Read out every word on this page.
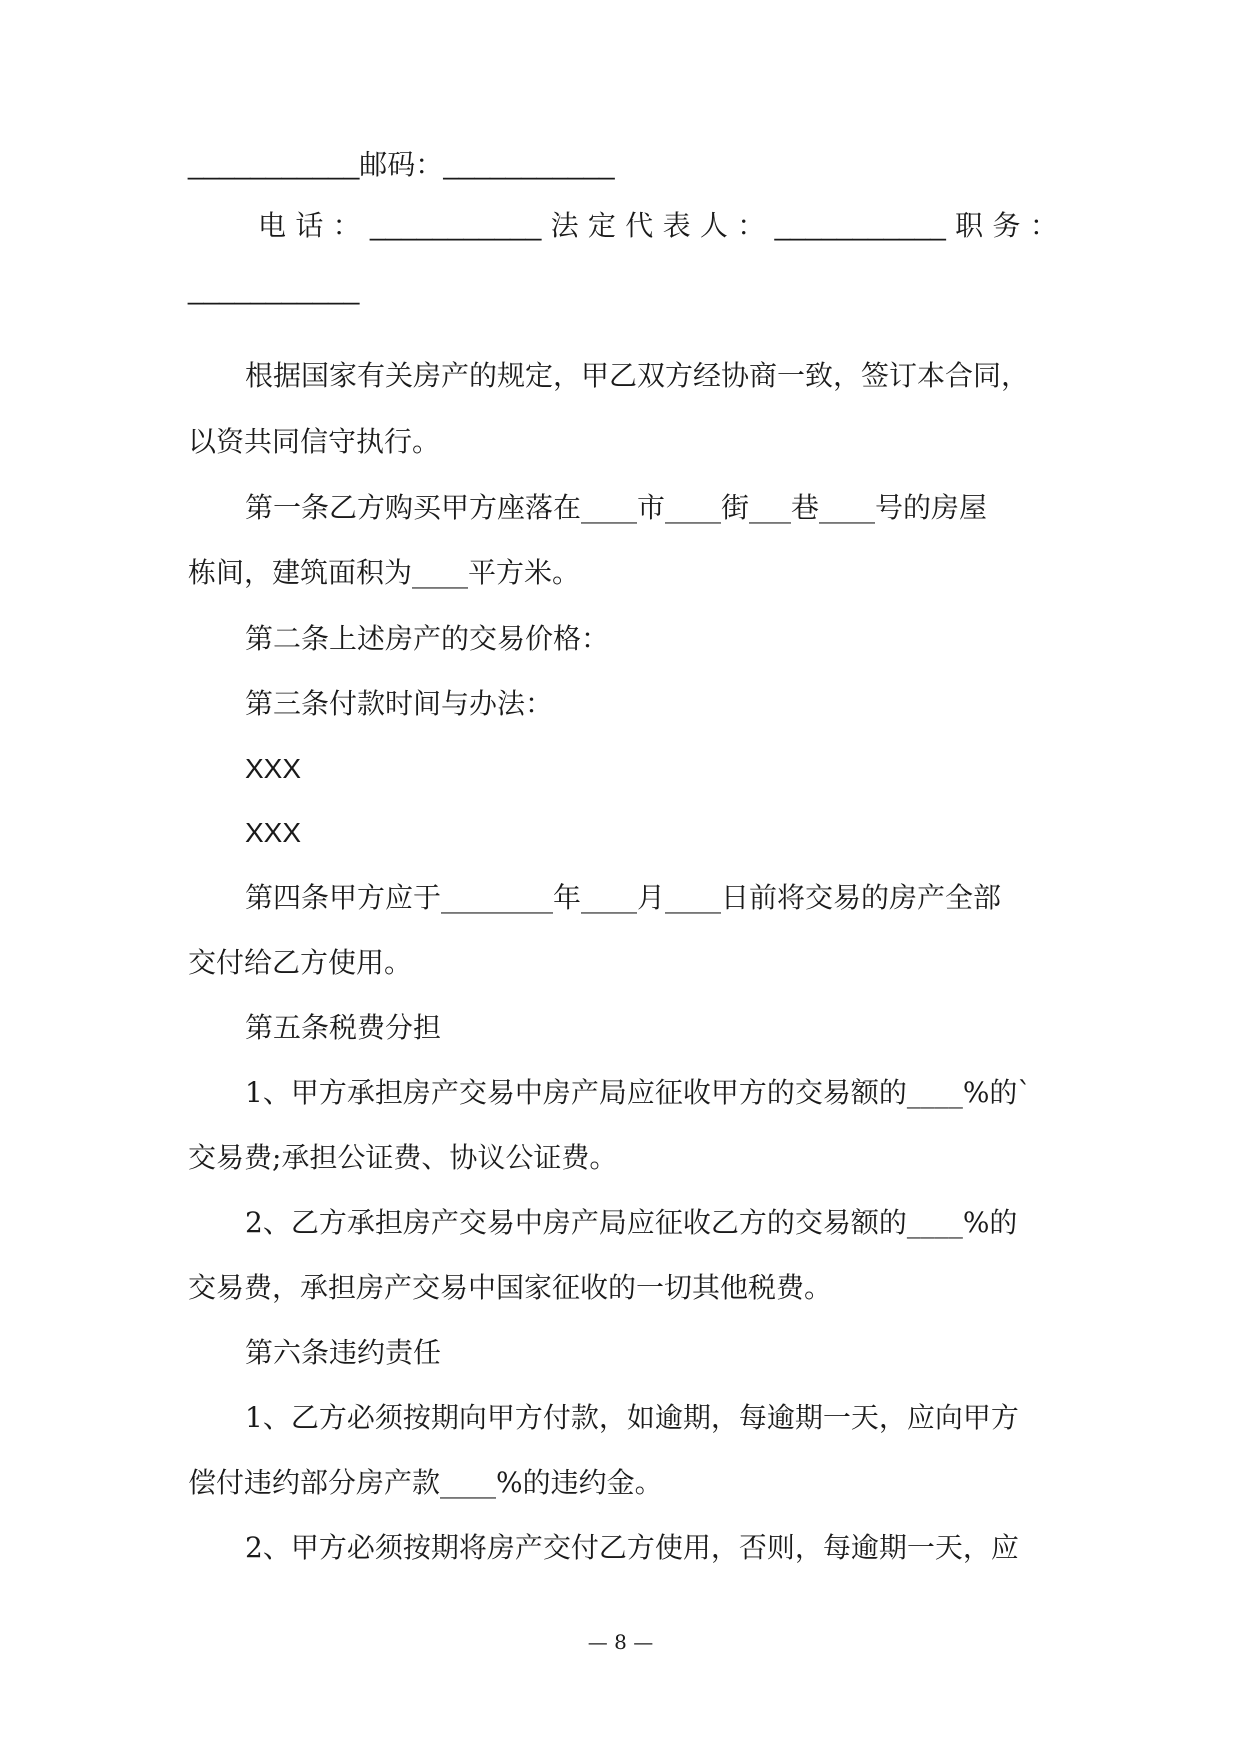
___________邮码：___________
电 话 ： ___________ 法 定 代 表 人 ： ___________ 职 务 ：
___________
根据国家有关房产的规定，甲乙双方经协商一致，签订本合同，
以资共同信守执行。
第一条乙方购买甲方座落在____市____街___巷____号的房屋
栋间，建筑面积为____平方米。
第二条上述房产的交易价格：
第三条付款时间与办法：
XXX
XXX
第四条甲方应于________年____月____日前将交易的房产全部
交付给乙方使用。
第五条税费分担
1、甲方承担房产交易中房产局应征收甲方的交易额的____%的`
交易费;承担公证费、协议公证费。
2、乙方承担房产交易中房产局应征收乙方的交易额的____%的
交易费，承担房产交易中国家征收的一切其他税费。
第六条违约责任
1、乙方必须按期向甲方付款，如逾期，每逾期一天，应向甲方
偿付违约部分房产款____%的违约金。
2、甲方必须按期将房产交付乙方使用，否则，每逾期一天，应
— 8 —
